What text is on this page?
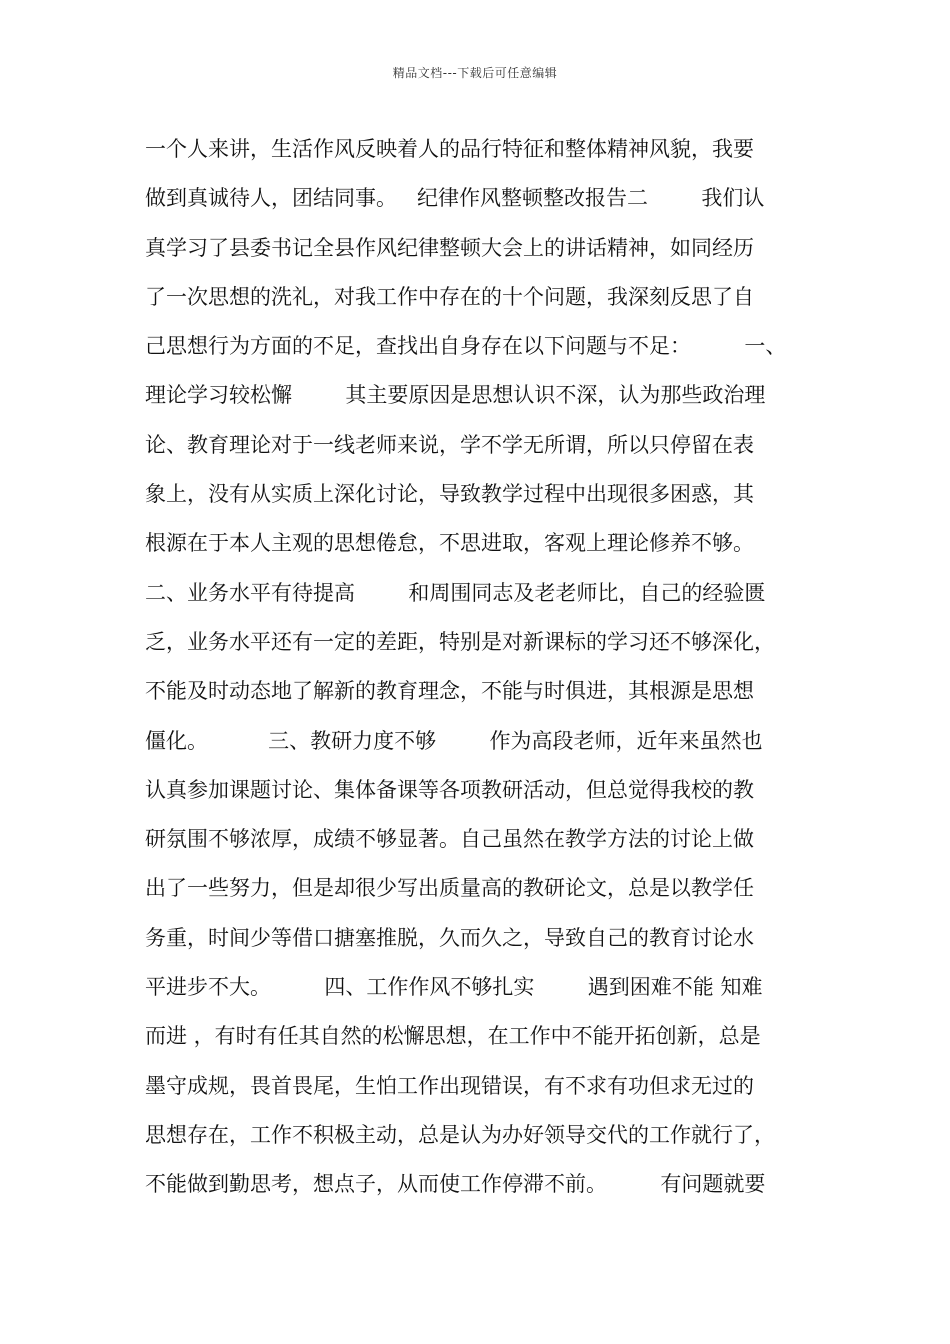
精品文档---下载后可任意编辑
一个人来讲，生活作风反映着人的品行特征和整体精神风貌，我要
做到真诚待人，团结同事。   纪律作风整顿整改报告二        我们认
真学习了县委书记全县作风纪律整顿大会上的讲话精神，如同经历
了一次思想的洗礼，对我工作中存在的十个问题，我深刻反思了自
己思想行为方面的不足，查找出自身存在以下问题与不足：        一、
理论学习较松懈        其主要原因是思想认识不深，认为那些政治理
论、教育理论对于一线老师来说，学不学无所谓，所以只停留在表
象上，没有从实质上深化讨论，导致教学过程中出现很多困惑，其
根源在于本人主观的思想倦怠，不思进取，客观上理论修养不够。
二、业务水平有待提高        和周围同志及老老师比，自己的经验匮
乏，业务水平还有一定的差距，特别是对新课标的学习还不够深化，
不能及时动态地了解新的教育理念，不能与时俱进，其根源是思想
僵化。         三、教研力度不够        作为高段老师，近年来虽然也
认真参加课题讨论、集体备课等各项教研活动，但总觉得我校的教
研氛围不够浓厚，成绩不够显著。自己虽然在教学方法的讨论上做
出了一些努力，但是却很少写出质量高的教研论文，总是以教学任
务重，时间少等借口搪塞推脱，久而久之，导致自己的教育讨论水
平进步不大。        四、工作作风不够扎实        遇到困难不能 知难
而进 ，有时有任其自然的松懈思想，在工作中不能开拓创新，总是
墨守成规，畏首畏尾，生怕工作出现错误，有不求有功但求无过的
思想存在，工作不积极主动，总是认为办好领导交代的工作就行了，
不能做到勤思考，想点子，从而使工作停滞不前。        有问题就要
